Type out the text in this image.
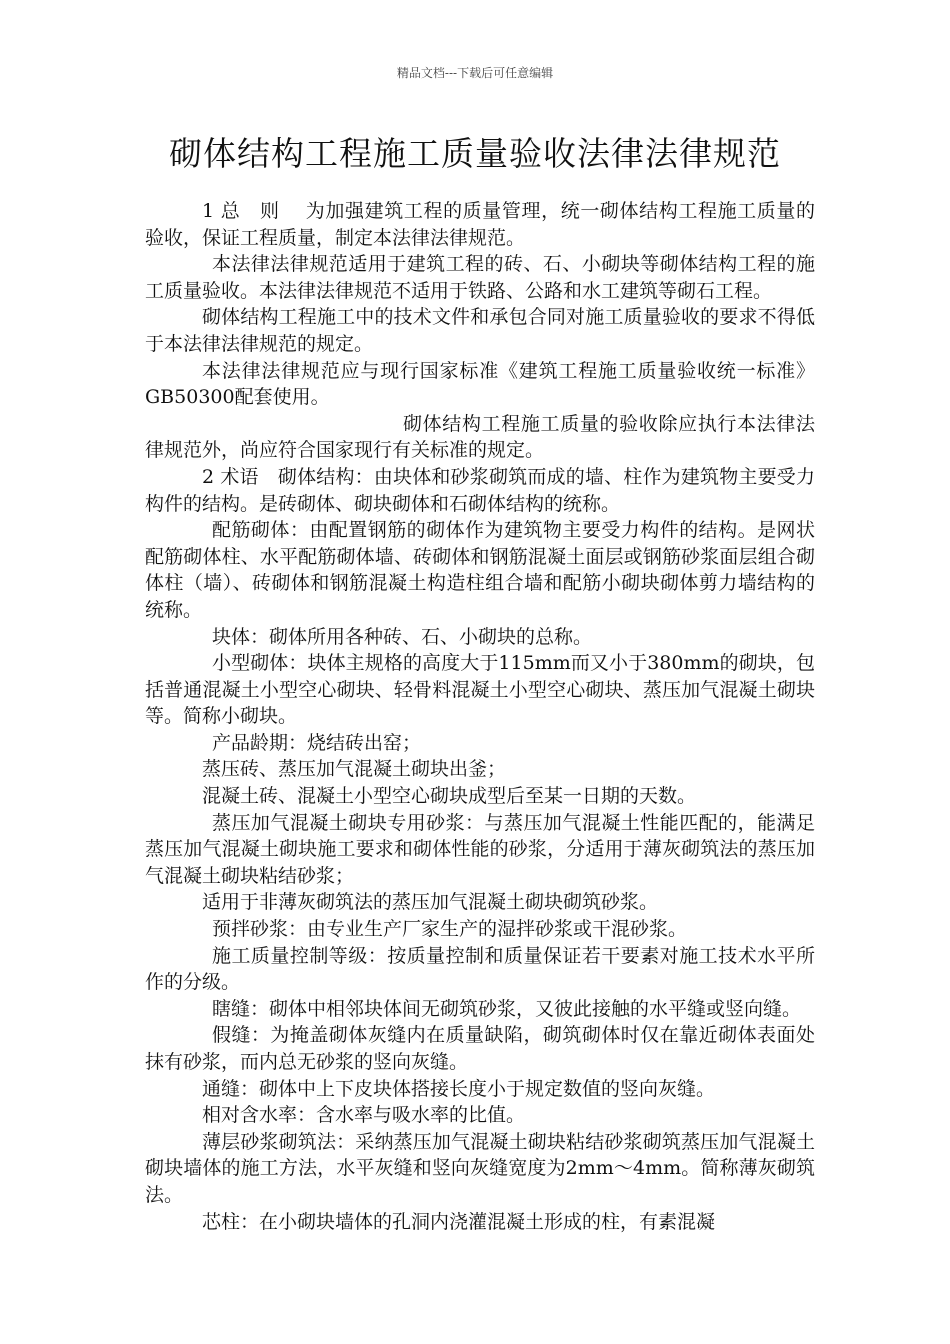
精品文档---下载后可任意编辑
砌体结构工程施工质量验收法律法律规范

1 总　则　 为加强建筑工程的质量管理，统一砌体结构工程施工质量的验收，保证工程质量，制定本法律法律规范。

本法律法律规范适用于建筑工程的砖、石、小砌块等砌体结构工程的施工质量验收。本法律法律规范不适用于铁路、公路和水工建筑等砌石工程。

砌体结构工程施工中的技术文件和承包合同对施工质量验收的要求不得低于本法律法律规范的规定。

本法律法律规范应与现行国家标准《建筑工程施工质量验收统一标准》GB50300配套使用。

砌体结构工程施工质量的验收除应执行本法律法律规范外，尚应符合国家现行有关标准的规定。

2 术语　砌体结构：由块体和砂浆砌筑而成的墙、柱作为建筑物主要受力构件的结构。是砖砌体、砌块砌体和石砌体结构的统称。

配筋砌体：由配置钢筋的砌体作为建筑物主要受力构件的结构。是网状配筋砌体柱、水平配筋砌体墙、砖砌体和钢筋混凝土面层或钢筋砂浆面层组合砌体柱（墙）、砖砌体和钢筋混凝土构造柱组合墙和配筋小砌块砌体剪力墙结构的统称。

块体：砌体所用各种砖、石、小砌块的总称。

小型砌体：块体主规格的高度大于115mm而又小于380mm的砌块，包括普通混凝土小型空心砌块、轻骨料混凝土小型空心砌块、蒸压加气混凝土砌块等。简称小砌块。

产品龄期：烧结砖出窑；

蒸压砖、蒸压加气混凝土砌块出釜；

混凝土砖、混凝土小型空心砌块成型后至某一日期的天数。

蒸压加气混凝土砌块专用砂浆：与蒸压加气混凝土性能匹配的，能满足蒸压加气混凝土砌块施工要求和砌体性能的砂浆，分适用于薄灰砌筑法的蒸压加气混凝土砌块粘结砂浆；

适用于非薄灰砌筑法的蒸压加气混凝土砌块砌筑砂浆。

预拌砂浆：由专业生产厂家生产的湿拌砂浆或干混砂浆。

施工质量控制等级：按质量控制和质量保证若干要素对施工技术水平所作的分级。

瞎缝：砌体中相邻块体间无砌筑砂浆，又彼此接触的水平缝或竖向缝。

假缝：为掩盖砌体灰缝内在质量缺陷，砌筑砌体时仅在靠近砌体表面处抹有砂浆，而内总无砂浆的竖向灰缝。

通缝：砌体中上下皮块体搭接长度小于规定数值的竖向灰缝。

相对含水率：含水率与吸水率的比值。

薄层砂浆砌筑法：采纳蒸压加气混凝土砌块粘结砂浆砌筑蒸压加气混凝土砌块墙体的施工方法，水平灰缝和竖向灰缝宽度为2mm～4mm。简称薄灰砌筑法。

芯柱：在小砌块墙体的孔洞内浇灌混凝土形成的柱，有素混凝
